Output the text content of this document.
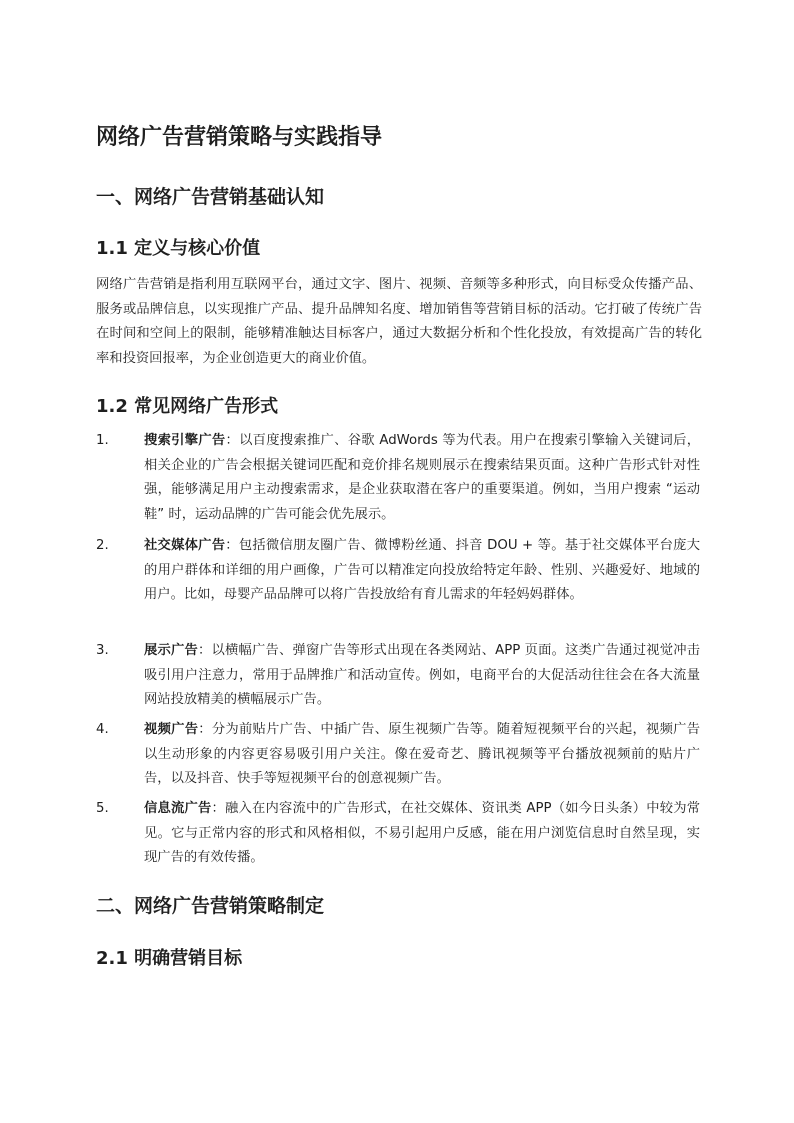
网络广告营销策略与实践指导
一、网络广告营销基础认知
1.1 定义与核心价值

网络广告营销是指利用互联网平台，通过文字、图片、视频、音频等多种形式，向目标受众传播产品、服务或品牌信息，以实现推广产品、提升品牌知名度、增加销售等营销目标的活动。它打破了传统广告在时间和空间上的限制，能够精准触达目标客户，通过大数据分析和个性化投放，有效提高广告的转化率和投资回报率，为企业创造更大的商业价值。

1.2 常见网络广告形式
1.	搜索引擎广告：以百度搜索推广、谷歌 AdWords 等为代表。用户在搜索引擎输入关键词后，相关企业的广告会根据关键词匹配和竞价排名规则展示在搜索结果页面。这种广告形式针对性强，能够满足用户主动搜索需求，是企业获取潜在客户的重要渠道。例如，当用户搜索 “运动鞋” 时，运动品牌的广告可能会优先展示。

2.	社交媒体广告：包括微信朋友圈广告、微博粉丝通、抖音 DOU + 等。基于社交媒体平台庞大的用户群体和详细的用户画像，广告可以精准定向投放给特定年龄、性别、兴趣爱好、地域的用户。比如，母婴产品品牌可以将广告投放给有育儿需求的年轻妈妈群体。

3.	展示广告：以横幅广告、弹窗广告等形式出现在各类网站、APP 页面。这类广告通过视觉冲击吸引用户注意力，常用于品牌推广和活动宣传。例如，电商平台的大促活动往往会在各大流量网站投放精美的横幅展示广告。

4.	视频广告：分为前贴片广告、中插广告、原生视频广告等。随着短视频平台的兴起，视频广告以生动形象的内容更容易吸引用户关注。像在爱奇艺、腾讯视频等平台播放视频前的贴片广告，以及抖音、快手等短视频平台的创意视频广告。

5.	信息流广告：融入在内容流中的广告形式，在社交媒体、资讯类 APP（如今日头条）中较为常见。它与正常内容的形式和风格相似，不易引起用户反感，能在用户浏览信息时自然呈现，实现广告的有效传播。

二、网络广告营销策略制定
2.1 明确营销目标
